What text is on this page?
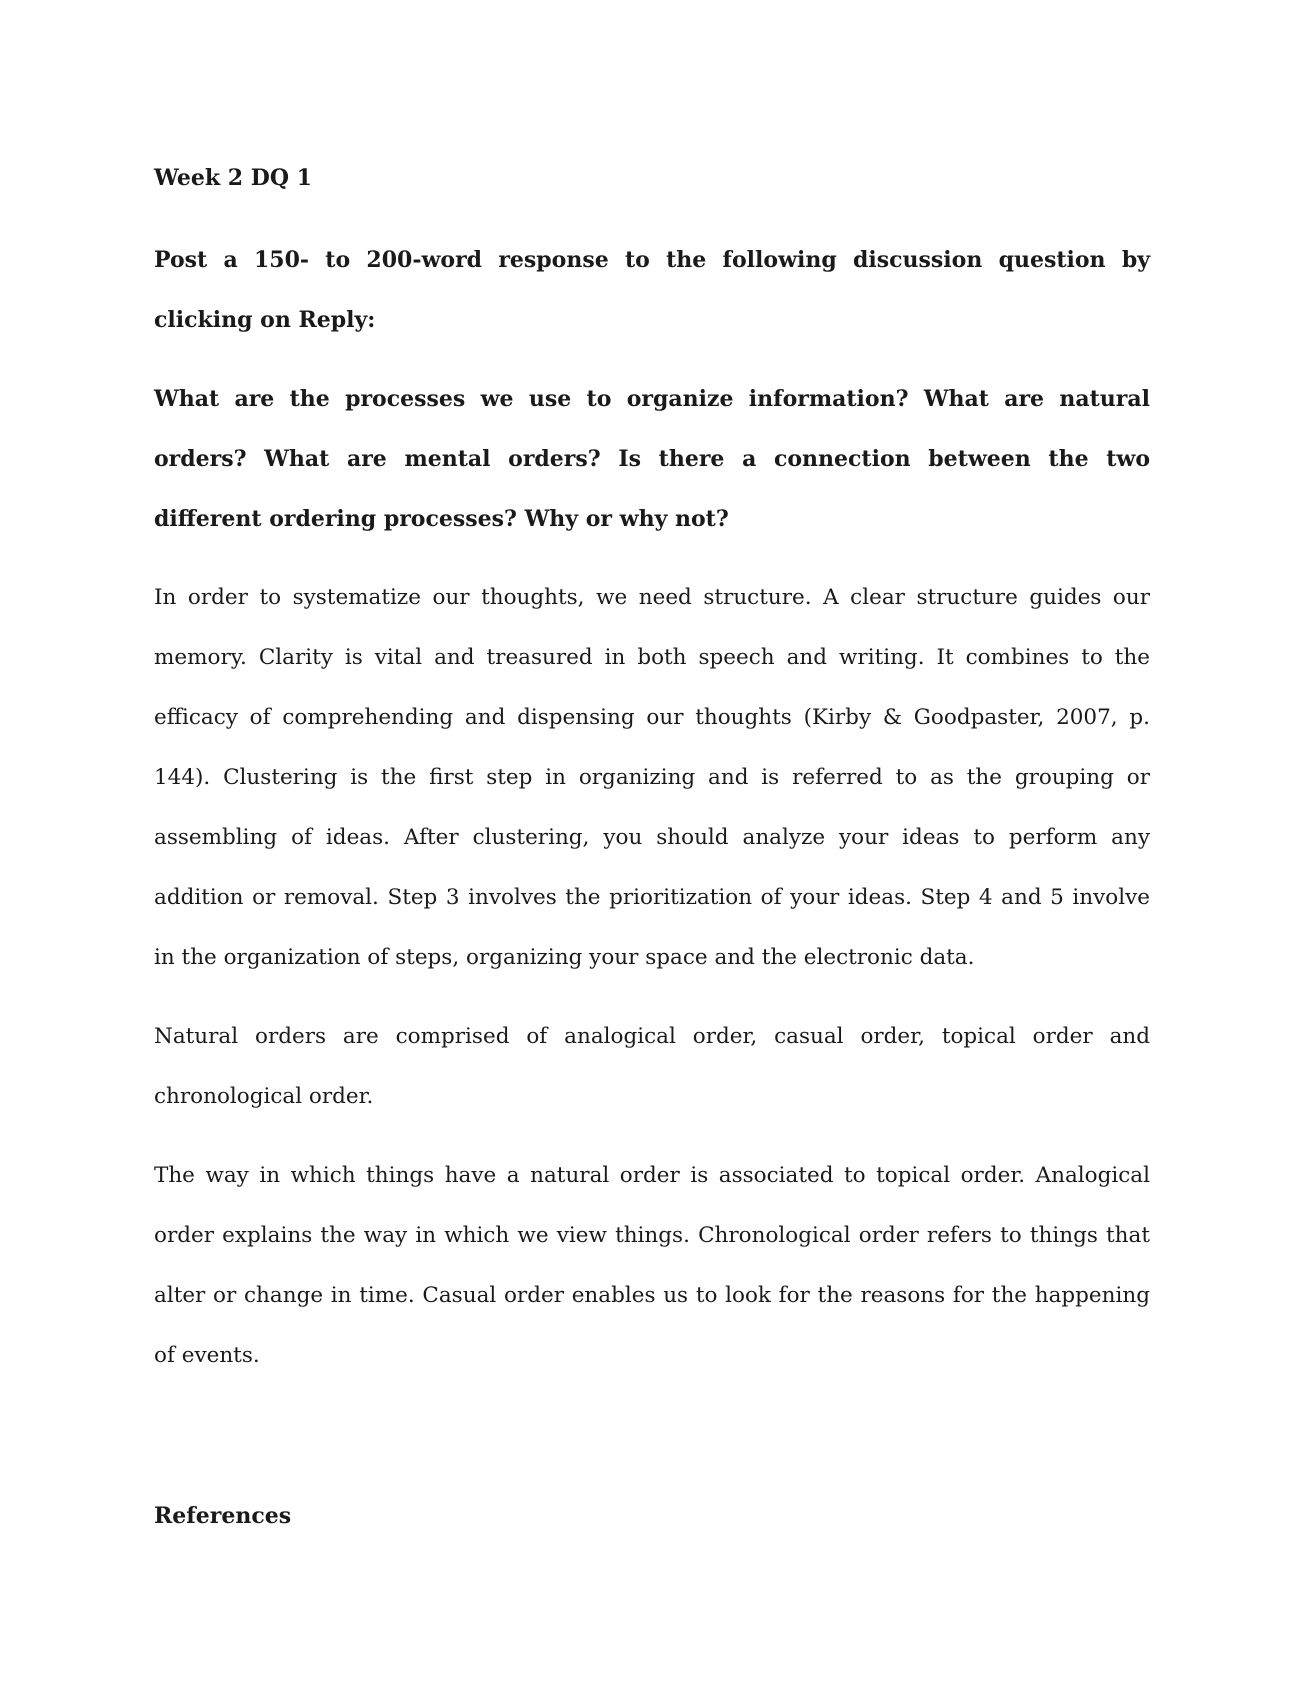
Week 2 DQ 1
Post a 150- to 200-word response to the following discussion question by clicking on Reply:
What are the processes we use to organize information? What are natural orders? What are mental orders? Is there a connection between the two different ordering processes? Why or why not?
In order to systematize our thoughts, we need structure. A clear structure guides our memory. Clarity is vital and treasured in both speech and writing. It combines to the efficacy of comprehending and dispensing our thoughts (Kirby & Goodpaster, 2007, p. 144). Clustering is the first step in organizing and is referred to as the grouping or assembling of ideas. After clustering, you should analyze your ideas to perform any addition or removal. Step 3 involves the prioritization of your ideas. Step 4 and 5 involve in the organization of steps, organizing your space and the electronic data.
Natural orders are comprised of analogical order, casual order, topical order and chronological order.
The way in which things have a natural order is associated to topical order. Analogical order explains the way in which we view things. Chronological order refers to things that alter or change in time. Casual order enables us to look for the reasons for the happening of events.
References
